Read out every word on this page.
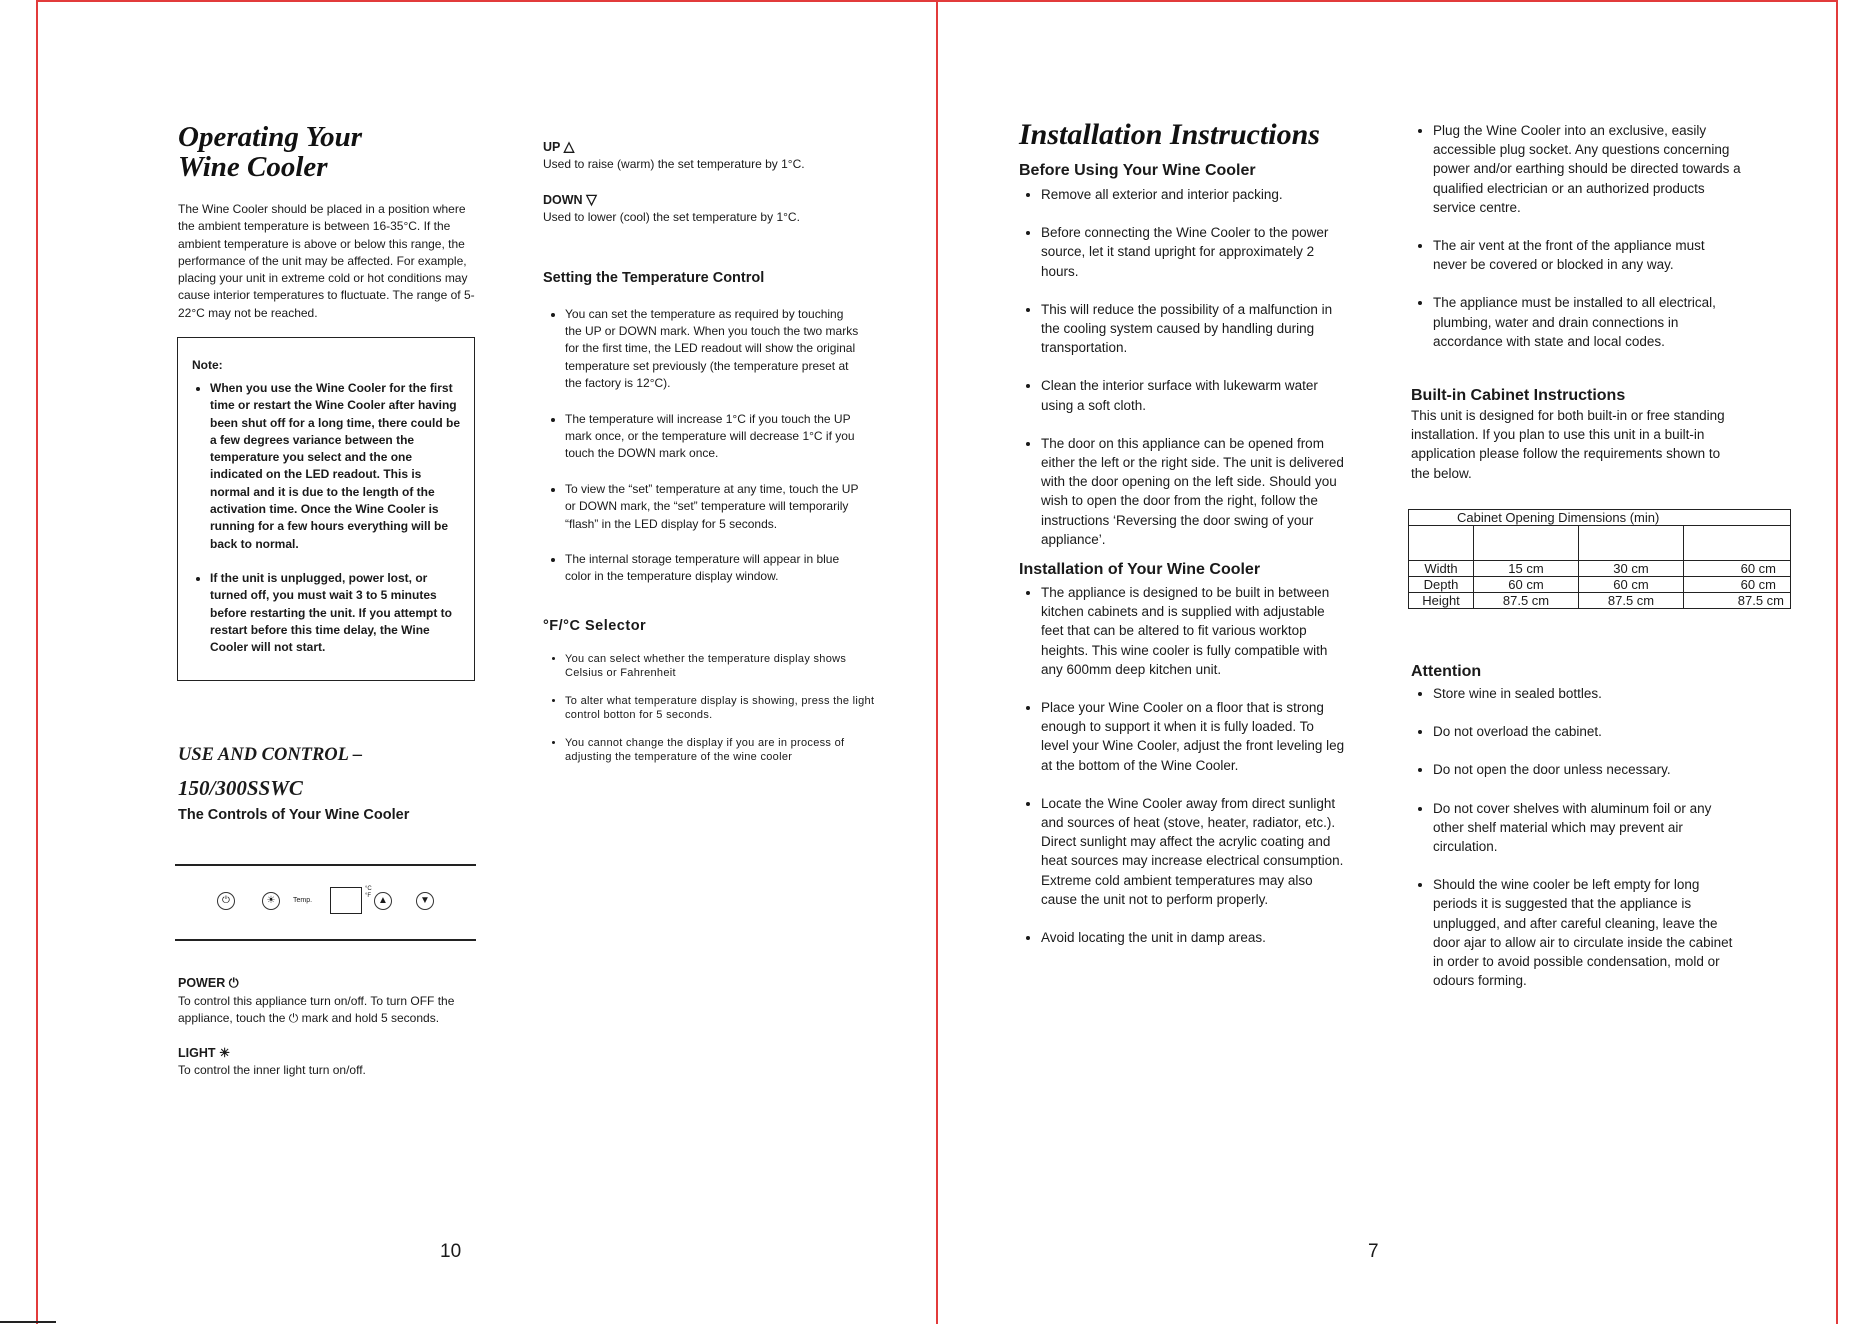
Operating Your
Wine Cooler

The Wine Cooler should be placed in a position where the ambient temperature is between 16-35°C. If the ambient temperature is above or below this range, the performance of the unit may be affected. For example, placing your unit in extreme cold or hot conditions may cause interior temperatures to fluctuate. The range of 5-22°C may not be reached.

Note:
• When you use the Wine Cooler for the first time or restart the Wine Cooler after having been shut off for a long time, there could be a few degrees variance between the temperature you select and the one indicated on the LED readout. This is normal and it is due to the length of the activation time. Once the Wine Cooler is running for a few hours everything will be back to normal.
• If the unit is unplugged, power lost, or turned off, you must wait 3 to 5 minutes before restarting the unit. If you attempt to restart before this time delay, the Wine Cooler will not start.

USE AND CONTROL –

150/300SSWC

The Controls of Your Wine Cooler
⏻	☀	Temp.
°C °F ▲	▼
POWER ⏻

To control this appliance turn on/off. To turn OFF the appliance, touch the ⏻ mark and hold 5 seconds.

LIGHT ☀

To control the inner light turn on/off.

10
UP △

Used to raise (warm) the set temperature by 1°C.

DOWN ▽

Used to lower (cool) the set temperature by 1°C.

Setting the Temperature Control
• You can set the temperature as required by touching the UP or DOWN mark. When you touch the two marks for the first time, the LED readout will show the original temperature set previously (the temperature preset at the factory is 12°C).
• The temperature will increase 1°C if you touch the UP mark once, or the temperature will decrease 1°C if you touch the DOWN mark once.
• To view the “set” temperature at any time, touch the UP or DOWN mark, the “set” temperature will temporarily “flash” in the LED display for 5 seconds.
• The internal storage temperature will appear in blue color in the temperature display window.
°F/°C Selector
• You can select whether the temperature display shows Celsius or Fahrenheit
• To alter what temperature display is showing, press the light control botton for 5 seconds.
• You cannot change the display if you are in process of adjusting the temperature of the wine cooler
Installation Instructions
Before Using Your Wine Cooler
• Remove all exterior and interior packing.
• Before connecting the Wine Cooler to the power source, let it stand upright for approximately 2 hours.
• This will reduce the possibility of a malfunction in the cooling system caused by handling during transportation.
• Clean the interior surface with lukewarm water using a soft cloth.
• The door on this appliance can be opened from either the left or the right side. The unit is delivered with the door opening on the left side. Should you wish to open the door from the right, follow the instructions ‘Reversing the door swing of your appliance’.
Installation of Your Wine Cooler
• The appliance is designed to be built in between kitchen cabinets and is supplied with adjustable feet that can be altered to fit various worktop heights. This wine cooler is fully compatible with any 600mm deep kitchen unit.
• Place your Wine Cooler on a floor that is strong enough to support it when it is fully loaded. To level your Wine Cooler, adjust the front leveling leg at the bottom of the Wine Cooler.
• Locate the Wine Cooler away from direct sunlight and sources of heat (stove, heater, radiator, etc.). Direct sunlight may affect the acrylic coating and heat sources may increase electrical consumption. Extreme cold ambient temperatures may also cause the unit not to perform properly.
• Avoid locating the unit in damp areas.
7
• Plug the Wine Cooler into an exclusive, easily accessible plug socket. Any questions concerning power and/or earthing should be directed towards a qualified electrician or an authorized products service centre.
• The air vent at the front of the appliance must never be covered or blocked in any way.
• The appliance must be installed to all electrical, plumbing, water and drain connections in accordance with state and local codes.
Built-in Cabinet Instructions

This unit is designed for both built-in or free standing installation. If you plan to use this unit in a built-in application please follow the requirements shown to the below.

Cabinet Opening Dimensions (min)			

Width	15 cm	30 cm	60 cm
Depth	60 cm	60 cm	60 cm
Height	87.5 cm	87.5 cm	87.5 cm
Attention
• Store wine in sealed bottles.
• Do not overload the cabinet.
• Do not open the door unless necessary.
• Do not cover shelves with aluminum foil or any other shelf material which may prevent air circulation.
• Should the wine cooler be left empty for long periods it is suggested that the appliance is unplugged, and after careful cleaning, leave the door ajar to allow air to circulate inside the cabinet in order to avoid possible condensation, mold or odours forming.
